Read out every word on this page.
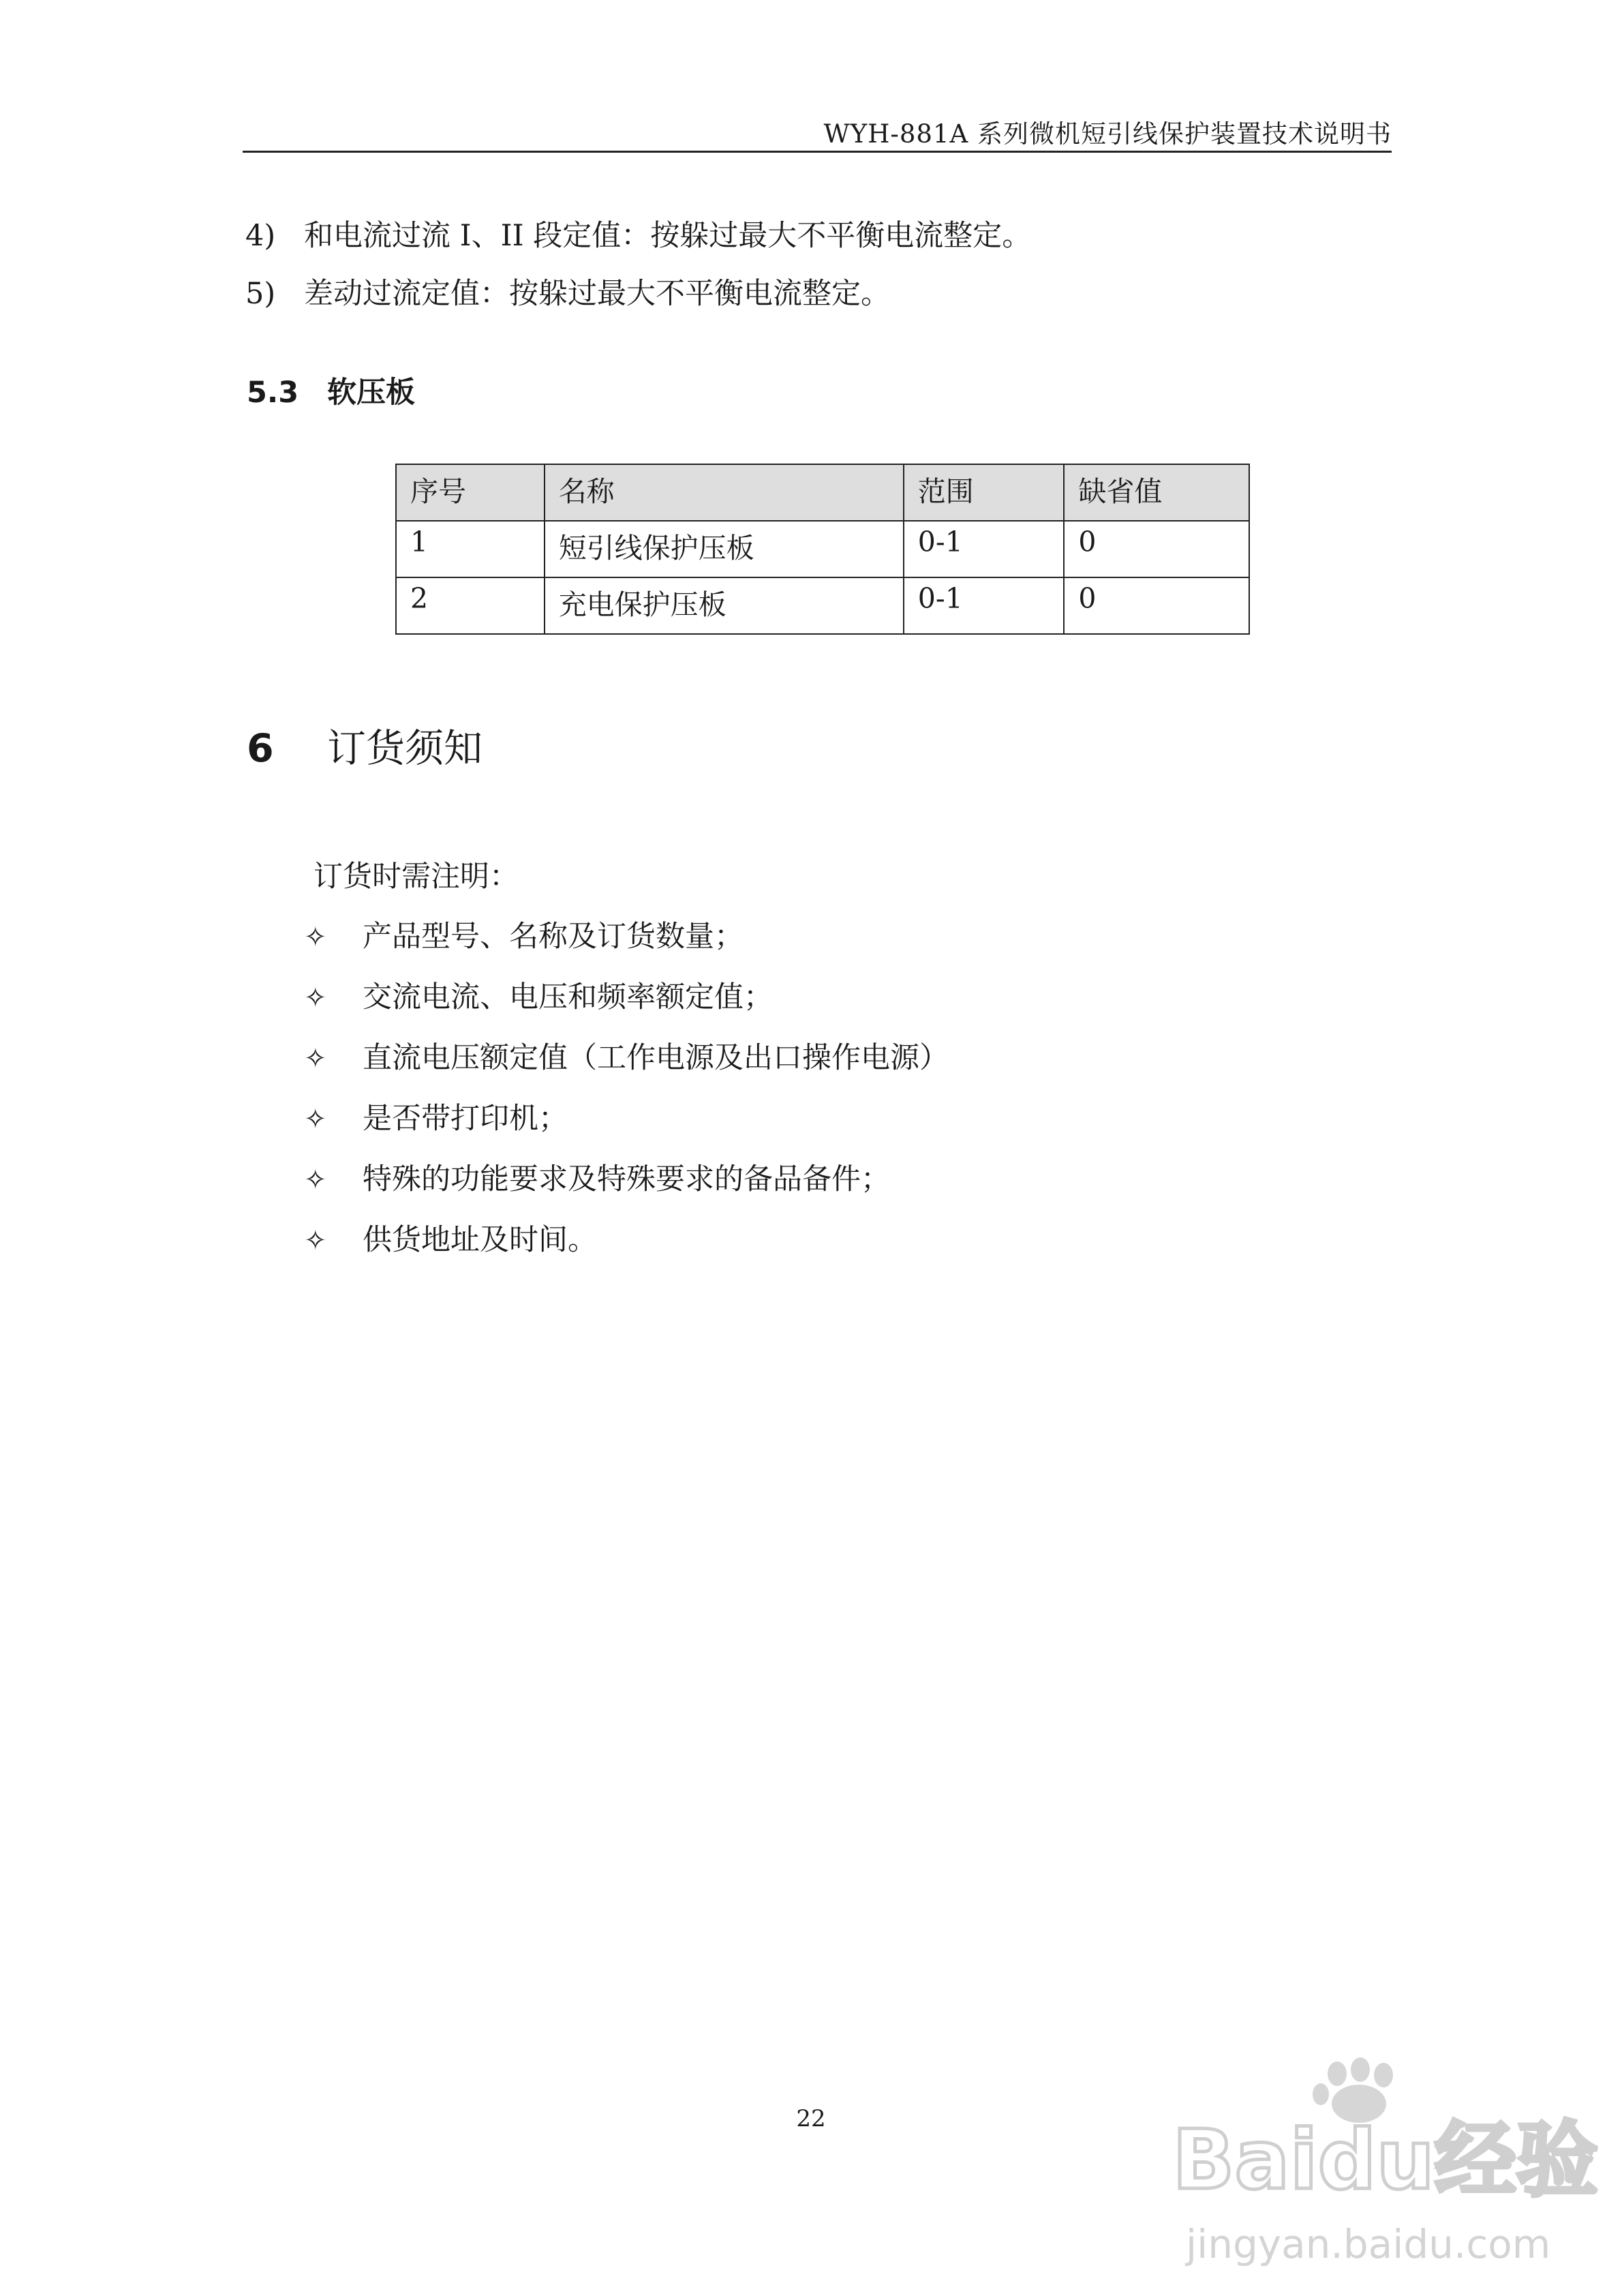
WYH-881A 系列微机短引线保护装置技术说明书
4) 和电流过流 I、II 段定值：按躲过最大不平衡电流整定。
5) 差动过流定值：按躲过最大不平衡电流整定。
5.3 软压板
序号	名称	范围	缺省值
1	短引线保护压板	0-1	0
2	充电保护压板	0-1	0
6 订货须知
订货时需注明：
✧ 产品型号、名称及订货数量；
✧ 交流电流、电压和频率额定值；
✧ 直流电压额定值（工作电源及出口操作电源）
✧ 是否带打印机；
✧ 特殊的功能要求及特殊要求的备品备件；
✧ 供货地址及时间。
22	Baidu经验
jingyan.baidu.com
